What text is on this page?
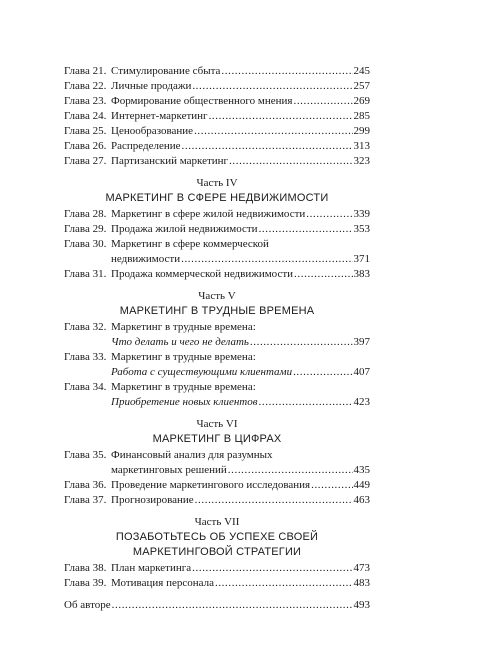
Глава 21. Стимулирование сбыта .....	245
Глава 22. Личные продажи .....	257
Глава 23. Формирование общественного мнения .....	269
Глава 24. Интернет-маркетинг .....	285
Глава 25. Ценообразование .....	299
Глава 26. Распределение .....	313
Глава 27. Партизанский маркетинг .....	323
Часть IV
МАРКЕТИНГ В СФЕРЕ НЕДВИЖИМОСТИ
Глава 28. Маркетинг в сфере жилой недвижимости .....	339
Глава 29. Продажа жилой недвижимости .....	353
Глава 30. Маркетинг в сфере коммерческой
недвижимости .....	371
Глава 31. Продажа коммерческой недвижимости .....	383
Часть V
МАРКЕТИНГ В ТРУДНЫЕ ВРЕМЕНА
Глава 32. Маркетинг в трудные времена:
Что делать и чего не делать .....	397
Глава 33. Маркетинг в трудные времена:
Работа с существующими клиентами .....	407
Глава 34. Маркетинг в трудные времена:
Приобретение новых клиентов .....	423
Часть VI
МАРКЕТИНГ В ЦИФРАХ
Глава 35. Финансовый анализ для разумных
маркетинговых решений .....	435
Глава 36. Проведение маркетингового исследования .....	449
Глава 37. Прогнозирование .....	463
Часть VII
ПОЗАБОТЬТЕСЬ ОБ УСПЕХЕ СВОЕЙ
МАРКЕТИНГОВОЙ СТРАТЕГИИ
Глава 38. План маркетинга .....	473
Глава 39. Мотивация персонала .....	483
Об авторе .....	493
